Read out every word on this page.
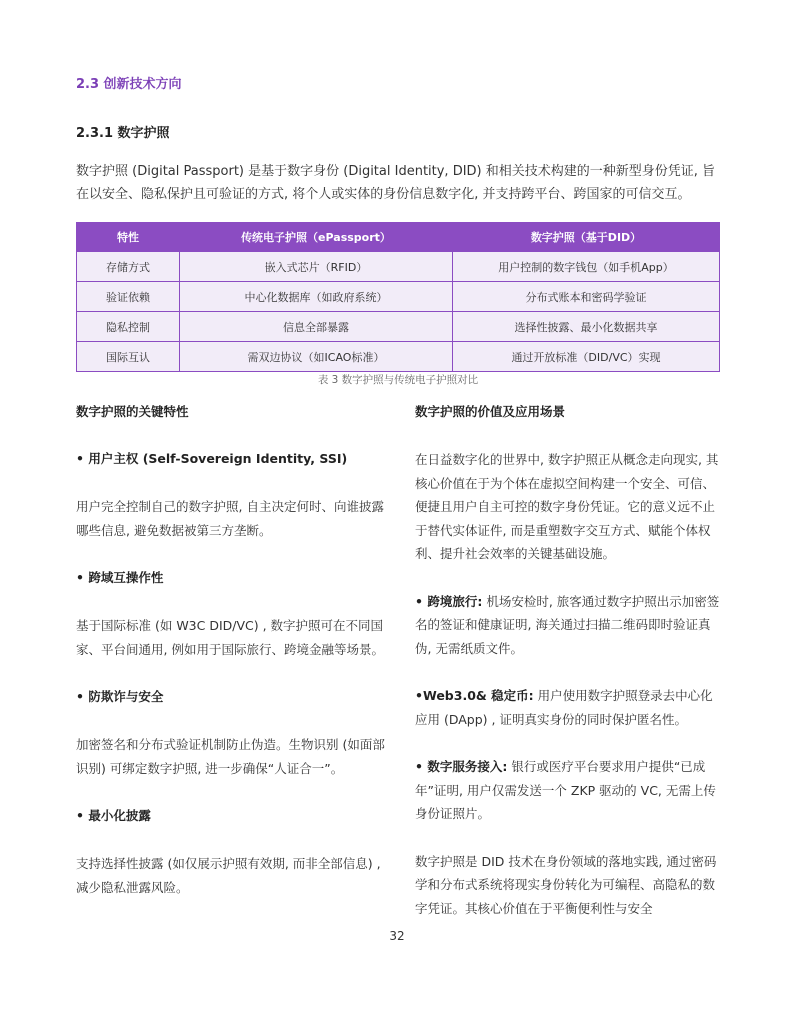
2.3 创新技术方向
2.3.1 数字护照
数字护照 (Digital Passport) 是基于数字身份 (Digital Identity, DID) 和相关技术构建的一种新型身份凭证, 旨在以安全、隐私保护且可验证的方式, 将个人或实体的身份信息数字化, 并支持跨平台、跨国家的可信交互。
特性	传统电子护照（ePassport）	数字护照（基于DID）
存储方式	嵌入式芯片（RFID）	用户控制的数字钱包（如手机App）
验证依赖	中心化数据库（如政府系统）	分布式账本和密码学验证
隐私控制	信息全部暴露	选择性披露、最小化数据共享
国际互认	需双边协议（如ICAO标准）	通过开放标准（DID/VC）实现
表 3 数字护照与传统电子护照对比
数字护照的关键特性
• 用户主权 (Self-Sovereign Identity, SSI)
用户完全控制自己的数字护照, 自主决定何时、向谁披露哪些信息, 避免数据被第三方垄断。
• 跨域互操作性
基于国际标准 (如 W3C DID/VC) , 数字护照可在不同国家、平台间通用, 例如用于国际旅行、跨境金融等场景。
• 防欺诈与安全
加密签名和分布式验证机制防止伪造。生物识别 (如面部识别) 可绑定数字护照, 进一步确保“人证合一”。
• 最小化披露
支持选择性披露 (如仅展示护照有效期, 而非全部信息) , 减少隐私泄露风险。
数字护照的价值及应用场景
在日益数字化的世界中, 数字护照正从概念走向现实, 其核心价值在于为个体在虚拟空间构建一个安全、可信、便捷且用户自主可控的数字身份凭证。它的意义远不止于替代实体证件, 而是重塑数字交互方式、赋能个体权利、提升社会效率的关键基础设施。
• 跨境旅行: 机场安检时, 旅客通过数字护照出示加密签名的签证和健康证明, 海关通过扫描二维码即时验证真伪, 无需纸质文件。
•Web3.0& 稳定币: 用户使用数字护照登录去中心化应用 (DApp) , 证明真实身份的同时保护匿名性。
• 数字服务接入: 银行或医疗平台要求用户提供“已成年”证明, 用户仅需发送一个 ZKP 驱动的 VC, 无需上传身份证照片。
数字护照是 DID 技术在身份领域的落地实践, 通过密码学和分布式系统将现实身份转化为可编程、高隐私的数字凭证。其核心价值在于平衡便利性与安全
32
